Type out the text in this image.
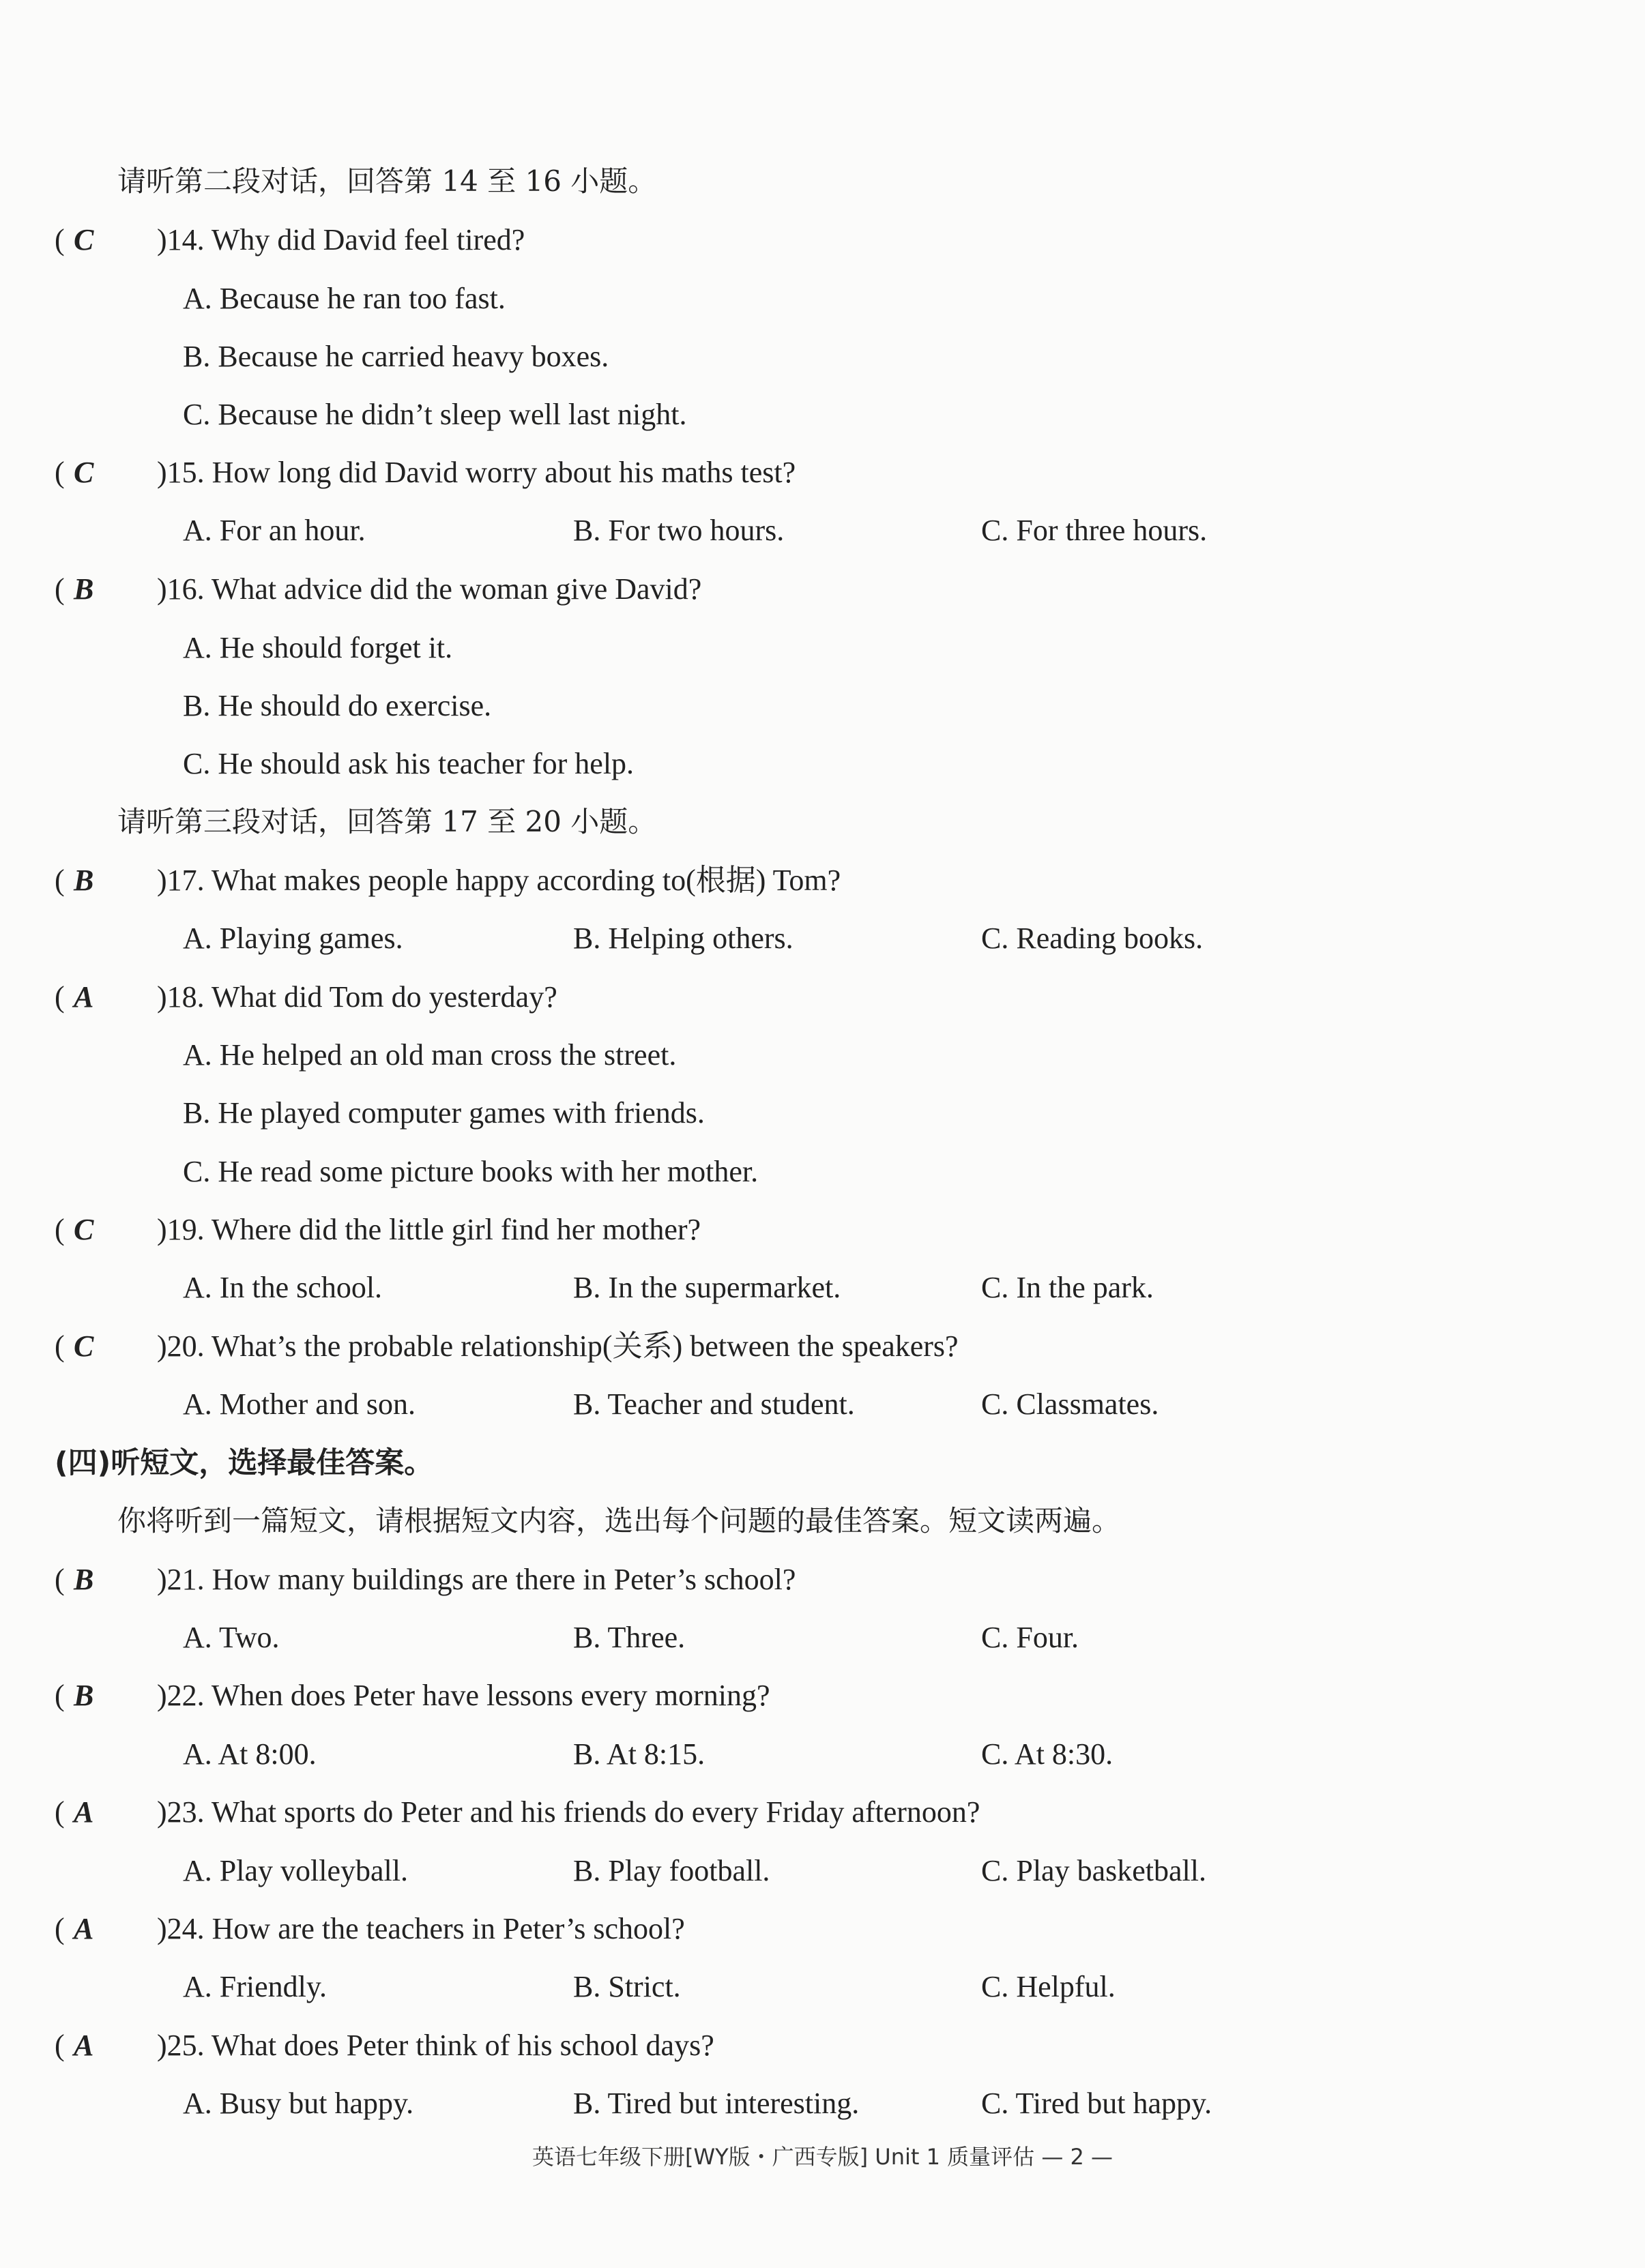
请听第二段对话，回答第 14 至 16 小题。
( C )14. Why did David feel tired?
A. Because he ran too fast.
B. Because he carried heavy boxes.
C. Because he didn’t sleep well last night.
( C )15. How long did David worry about his maths test?
A. For an hour.	B. For two hours.	C. For three hours.
( B )16. What advice did the woman give David?
A. He should forget it.
B. He should do exercise.
C. He should ask his teacher for help.
请听第三段对话，回答第 17 至 20 小题。
( B )17. What makes people happy according to(根据) Tom?
A. Playing games.	B. Helping others.	C. Reading books.
( A )18. What did Tom do yesterday?
A. He helped an old man cross the street.
B. He played computer games with friends.
C. He read some picture books with her mother.
( C )19. Where did the little girl find her mother?
A. In the school.	B. In the supermarket.	C. In the park.
( C )20. What’s the probable relationship(关系) between the speakers?
A. Mother and son.	B. Teacher and student.	C. Classmates.
(四)听短文，选择最佳答案。
你将听到一篇短文，请根据短文内容，选出每个问题的最佳答案。短文读两遍。
( B )21. How many buildings are there in Peter’s school?
A. Two.	B. Three.	C. Four.
( B )22. When does Peter have lessons every morning?
A. At 8:00.	B. At 8:15.	C. At 8:30.
( A )23. What sports do Peter and his friends do every Friday afternoon?
A. Play volleyball.	B. Play football.	C. Play basketball.
( A )24. How are the teachers in Peter’s school?
A. Friendly.	B. Strict.	C. Helpful.
( A )25. What does Peter think of his school days?
A. Busy but happy.	B. Tired but interesting.	C. Tired but happy.
英语七年级下册[WY版・广西专版] Unit 1 质量评估 — 2 —
